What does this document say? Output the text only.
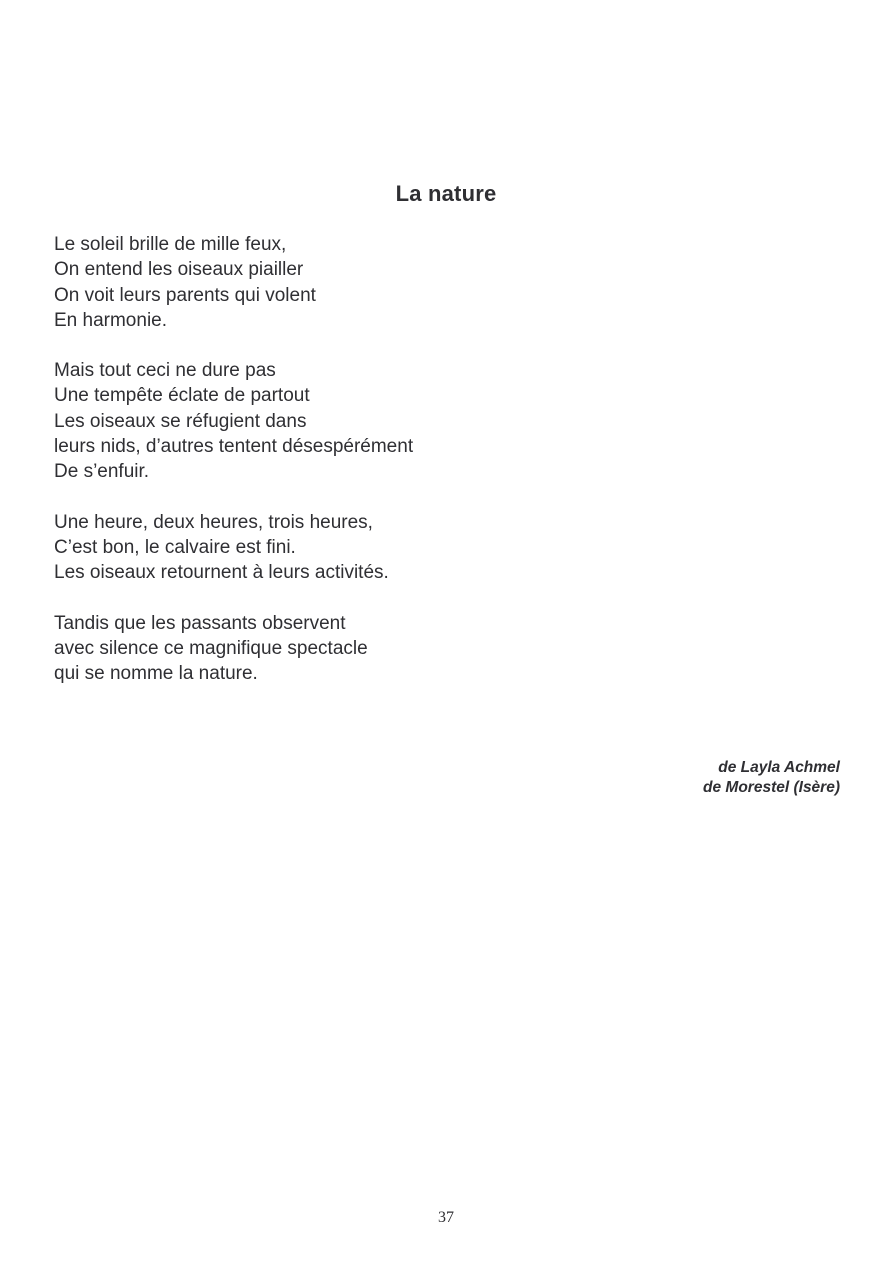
La nature
Le soleil brille de mille feux,
On entend les oiseaux piailler
On voit leurs parents qui volent
En harmonie.
Mais tout ceci ne dure pas
Une tempête éclate de partout
Les oiseaux se réfugient dans
leurs nids, d’autres tentent désespérément
De s’enfuir.
Une heure, deux heures, trois heures,
C’est bon, le calvaire est fini.
Les oiseaux retournent à leurs activités.
Tandis que les passants observent
avec silence ce magnifique spectacle
qui se nomme la nature.
de Layla Achmel
de Morestel (Isère)
37
